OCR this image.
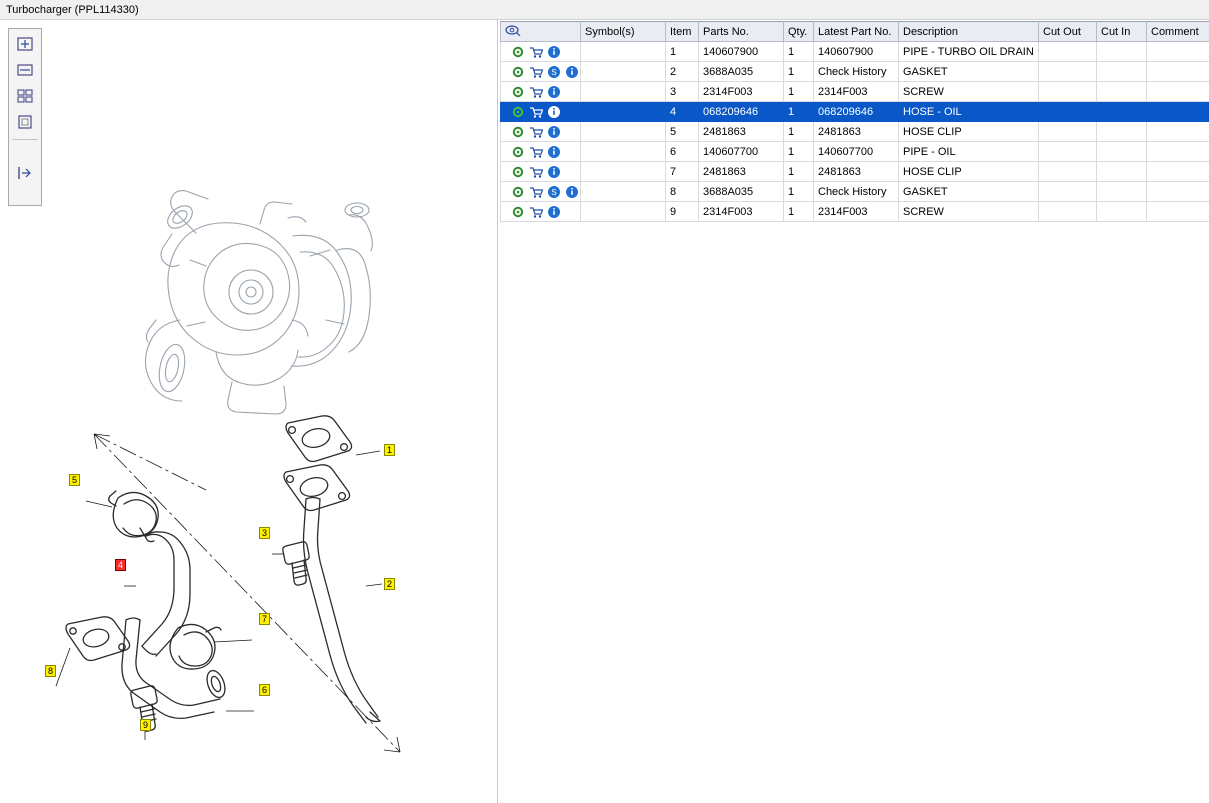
Turbocharger (PPL114330)
1
2
3
4
5
6
7
8
9
	Symbol(s)	Item	Parts No.	Qty.	Latest Part No.	Description	Cut Out	Cut In	Comment

		1	140607900	1	140607900	PIPE - TURBO OIL DRAIN			

S		2	3688A035	1	Check History	GASKET			

		3	2314F003	1	2314F003	SCREW			

		4	068209646	1	068209646	HOSE - OIL			

		5	2481863	1	2481863	HOSE CLIP			

		6	140607700	1	140607700	PIPE - OIL			

		7	2481863	1	2481863	HOSE CLIP			

S		8	3688A035	1	Check History	GASKET			

		9	2314F003	1	2314F003	SCREW			
